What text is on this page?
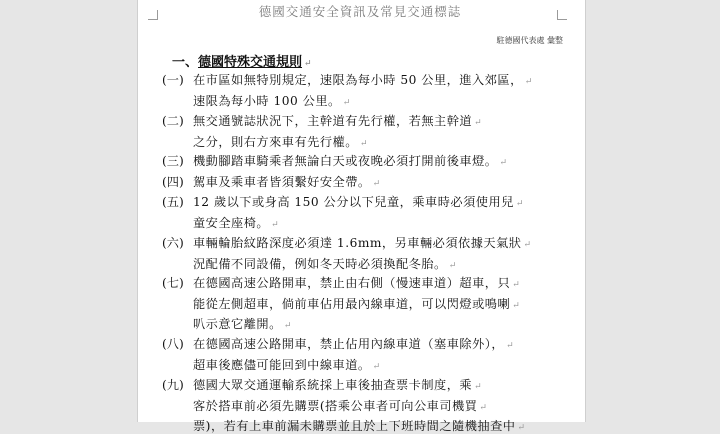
德國交通安全資訊及常見交通標誌
駐德國代表處 彙整
一、德國特殊交通規則 ↵
(一) 在市區如無特別規定，速限為每小時 50 公里，進入郊區， ↵
速限為每小時 100 公里。 ↵
(二) 無交通號誌狀況下，主幹道有先行權，若無主幹道 ↵
之分，則右方來車有先行權。 ↵
(三) 機動腳踏車騎乘者無論白天或夜晚必須打開前後車燈。 ↵
(四) 駕車及乘車者皆須繫好安全帶。 ↵
(五) 12 歲以下或身高 150 公分以下兒童，乘車時必須使用兒 ↵
童安全座椅。 ↵
(六) 車輛輪胎紋路深度必須達 1.6mm，另車輛必須依據天氣狀 ↵
況配備不同設備，例如冬天時必須換配冬胎。 ↵
(七) 在德國高速公路開車，禁止由右側（慢速車道）超車，只 ↵
能從左側超車，倘前車佔用最內線車道，可以閃燈或鳴喇 ↵
叭示意它離開。 ↵
(八) 在德國高速公路開車，禁止佔用內線車道（塞車除外）， ↵
超車後應儘可能回到中線車道。 ↵
(九) 德國大眾交通運輸系統採上車後抽查票卡制度，乘 ↵
客於搭車前必須先購票(搭乘公車者可向公車司機買 ↵
票)，若有上車前漏未購票並且於上下班時間之隨機抽查中 ↵
